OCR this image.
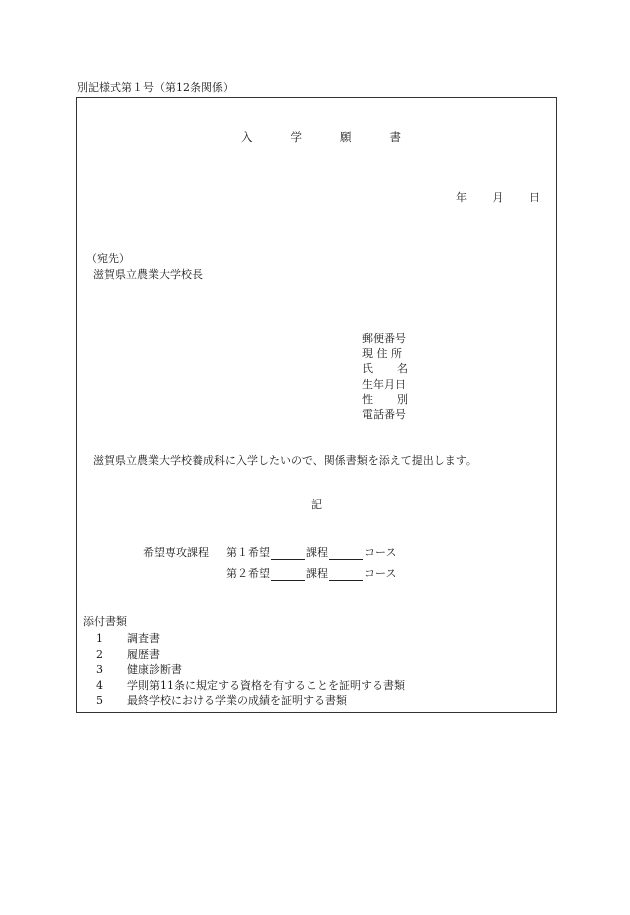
別記様式第１号（第12条関係）
入	学	願	書
年 月 日
（宛先）
滋賀県立農業大学校長
郵便番号
現 住 所
氏 名
生年月日
性 別
電話番号
滋賀県立農業大学校養成科に入学したいので、関係書類を添えて提出します。
記
希望専攻課程 第１希望	課程	コース
第２希望	課程	コース
添付書類
1	調査書
2	履歴書
3	健康診断書
4	学則第11条に規定する資格を有することを証明する書類
5	最終学校における学業の成績を証明する書類
